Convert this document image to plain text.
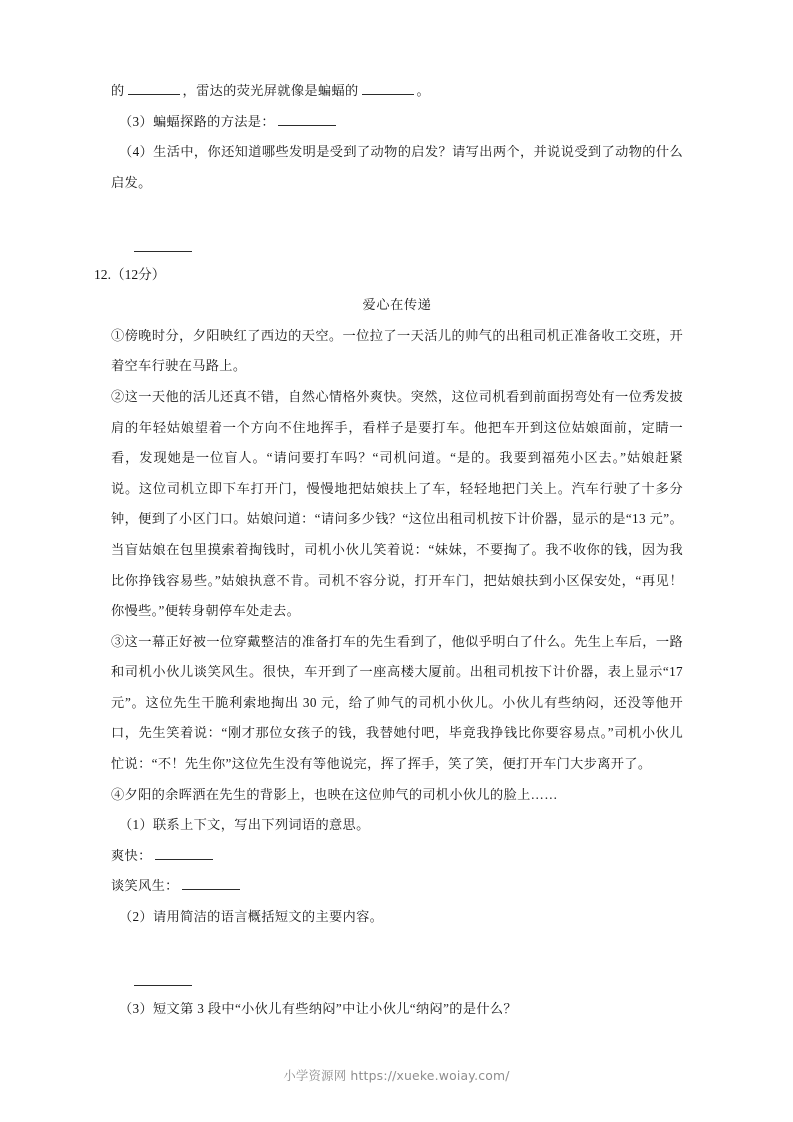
的	，雷达的荧光屏就像是蝙蝠的	。
（3）蝙蝠探路的方法是：

（4）生活中，你还知道哪些发明是受到了动物的启发？请写出两个，并说说受到了动物的什么启发。

12.（12分）

爱心在传递

①傍晚时分，夕阳映红了西边的天空。一位拉了一天活儿的帅气的出租司机正准备收工交班，开着空车行驶在马路上。

②这一天他的活儿还真不错，自然心情格外爽快。突然，这位司机看到前面拐弯处有一位秀发披肩的年轻姑娘望着一个方向不住地挥手，看样子是要打车。他把车开到这位姑娘面前，定睛一看，发现她是一位盲人。“请问要打车吗？“司机问道。“是的。我要到福苑小区去。”姑娘赶紧说。这位司机立即下车打开门，慢慢地把姑娘扶上了车，轻轻地把门关上。汽车行驶了十多分钟，便到了小区门口。姑娘问道：“请问多少钱？“这位出租司机按下计价器，显示的是“13 元”。当盲姑娘在包里摸索着掏钱时，司机小伙儿笑着说：“妹妹，不要掏了。我不收你的钱，因为我比你挣钱容易些。”姑娘执意不肯。司机不容分说，打开车门，把姑娘扶到小区保安处，“再见！你慢些。”便转身朝停车处走去。

③这一幕正好被一位穿戴整洁的准备打车的先生看到了，他似乎明白了什么。先生上车后，一路和司机小伙儿谈笑风生。很快，车开到了一座高楼大厦前。出租司机按下计价器，表上显示“17 元”。这位先生干脆利索地掏出 30 元，给了帅气的司机小伙儿。小伙儿有些纳闷，还没等他开口，先生笑着说：“刚才那位女孩子的钱，我替她付吧，毕竟我挣钱比你要容易点。”司机小伙儿忙说：“不！先生你”这位先生没有等他说完，挥了挥手，笑了笑，便打开车门大步离开了。

④夕阳的余晖洒在先生的背影上，也映在这位帅气的司机小伙儿的脸上……

（1）联系上下文，写出下列词语的意思。

爽快：
谈笑风生：

（2）请用简洁的语言概括短文的主要内容。

（3）短文第 3 段中“小伙儿有些纳闷”中让小伙儿“纳闷”的是什么？

小学资源网 https://xueke.woiay.com/
